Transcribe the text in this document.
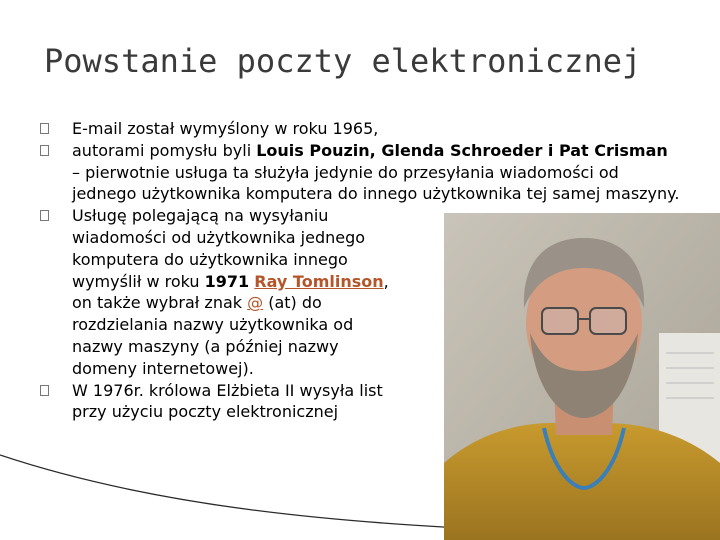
Powstanie poczty elektronicznej
E-mail został wymyślony w roku 1965,
autorami pomysłu byli Louis Pouzin, Glenda Schroeder i Pat Crisman – pierwotnie usługa ta służyła jedynie do przesyłania wiadomości od jednego użytkownika komputera do innego użytkownika tej samej maszyny.
Usługę polegającą na wysyłaniu wiadomości od użytkownika jednego komputera do użytkownika innego wymyślił w roku 1971 Ray Tomlinson, on także wybrał znak @ (at) do rozdzielania nazwy użytkownika od nazwy maszyny (a później nazwy domeny internetowej).
W 1976r. królowa Elżbieta II wysyła list przy użyciu poczty elektronicznej
